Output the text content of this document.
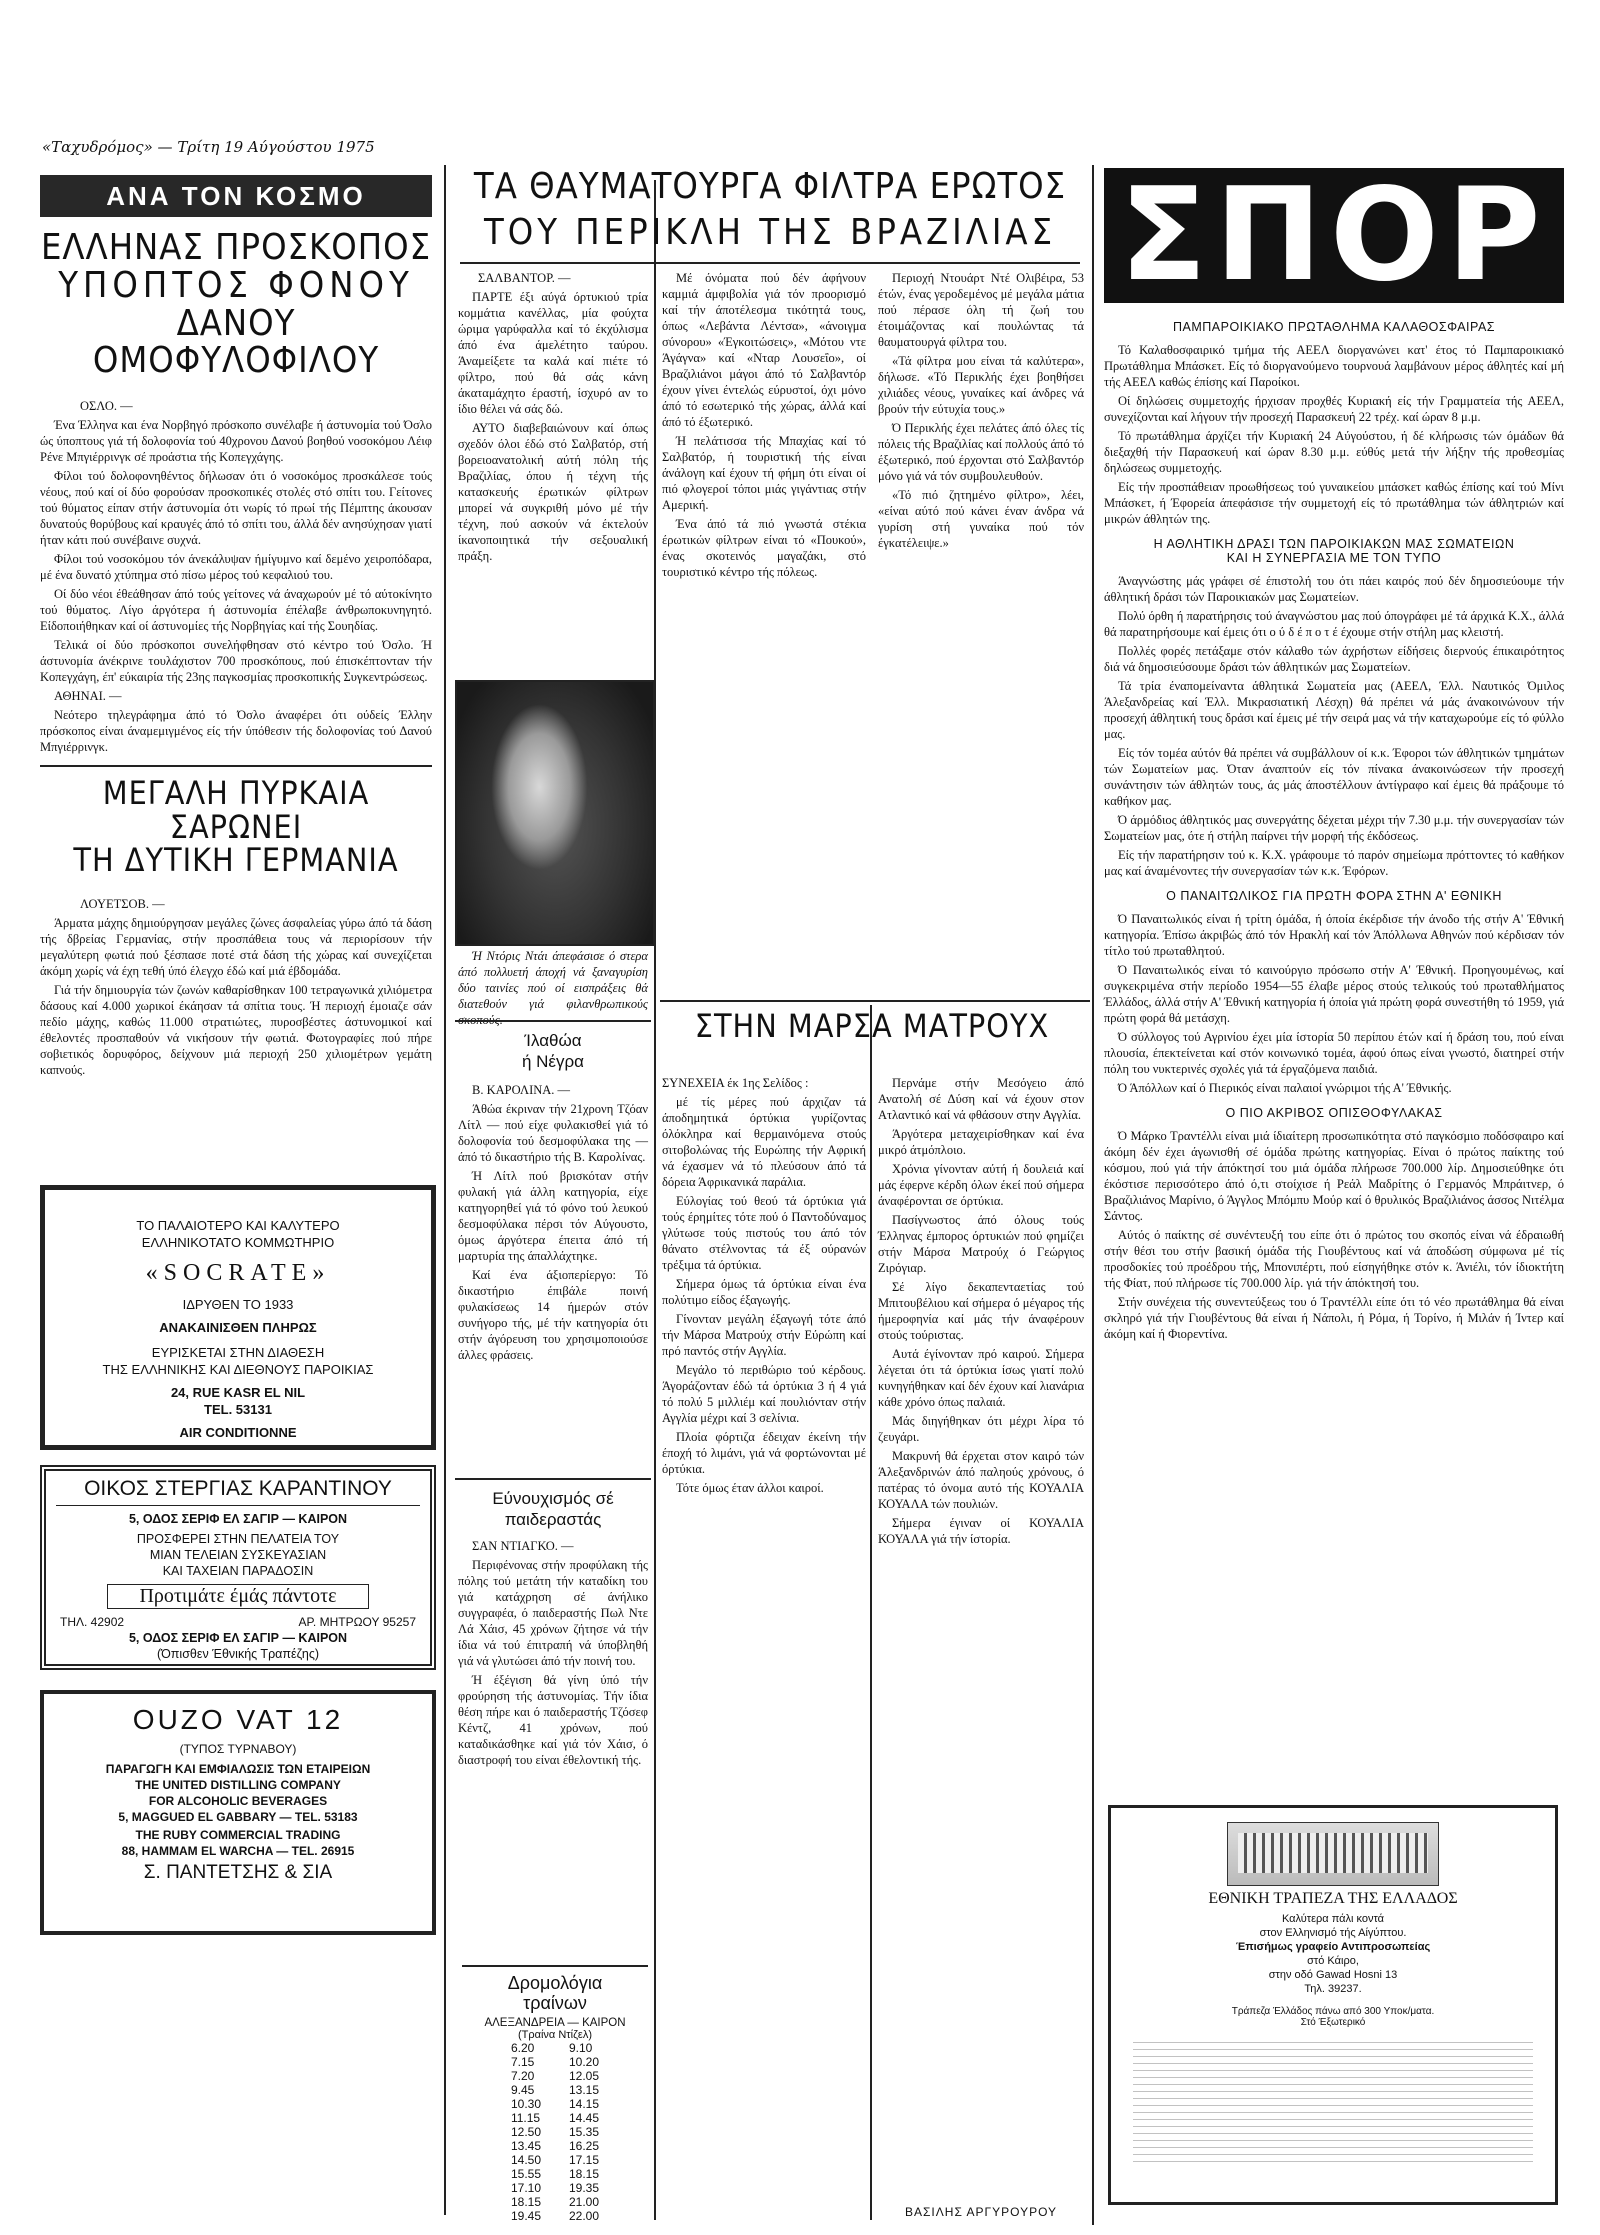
«Ταχυδρόμος» — Τρίτη 19 Αύγούστου 1975
ΑΝΑ ΤΟΝ ΚΟΣΜΟ
ΕΛΛΗΝΑΣ ΠΡΟΣΚΟΠΟΣ
ΥΠΟΠΤΟΣ ΦΟΝΟΥ
ΔΑΝΟΥ ΟΜΟΦΥΛΟΦΙΛΟΥ

ΟΣΛΟ. —

Ένα Έλληνα και ένα Νορβηγό πρόσκοπο συνέλαβε ή άστυνομία τού Όσλο ώς ύποπτους γιά τή δολοφονία τού 40χρονου Δανού βοηθού νοσοκόμου Λέιφ Ρένε Μπγιέρρινγκ σέ προάστια τής Κοπεγχάγης.

Φίλοι τού δολοφονηθέντος δήλωσαν ότι ό νοσοκόμος προσκάλεσε τούς νέους, πού καί οί δύο φορούσαν προσκοπικές στολές στό σπίτι του. Γείτονες τού θύματος είπαν στήν άστυνομία ότι νωρίς τό πρωί τής Πέμπτης άκουσαν δυνατούς θορύβους καί κραυγές άπό τό σπίτι του, άλλά δέν ανησύχησαν γιατί ήταν κάτι πού συνέβαινε συχνά.

Φίλοι τού νοσοκόμου τόν άνεκάλυψαν ήμίγυμνο καί δεμένο χειροπόδαρα, μέ ένα δυνατό χτύπημα στό πίσω μέρος τού κεφαλιού του.

Οί δύο νέοι έθεάθησαν άπό τούς γείτονες νά άναχωρούν μέ τό αύτοκίνητο τού θύματος. Λίγο άργότερα ή άστυνομία έπέλαβε άνθρωποκυνηγητό. Είδοποιήθηκαν καί οί άστυνομίες τής Νορβηγίας καί τής Σουηδίας.

Τελικά οί δύο πρόσκοποι συνελήφθησαν στό κέντρο τού Όσλο. Ή άστυνομία άνέκρινε τουλάχιστον 700 προσκόπους, πού έπισκέπτονταν τήν Κοπεγχάγη, έπ' εύκαιρία τής 23ης παγκοσμίας προσκοπικής Συγκεντρώσεως.

ΑΘΗΝΑΙ. —

Νεότερο τηλεγράφημα άπό τό Όσλο άναφέρει ότι ούδείς Έλλην πρόσκοπος είναι άναμεμιγμένος είς τήν ύπόθεσιν τής δολοφονίας τού Δανού Μπγιέρρινγκ.

ΜΕΓΑΛΗ ΠΥΡΚΑΙΑ ΣΑΡΩΝΕΙ
ΤΗ ΔΥΤΙΚΗ ΓΕΡΜΑΝΙΑ

ΛΟΥΕΤΣΟΒ. —

Άρματα μάχης δημιούργησαν μεγάλες ζώνες άσφαλείας γύρω άπό τά δάση τής δβρείας Γερμανίας, στήν προσπάθεια τους νά περιορίσουν τήν μεγαλύτερη φωτιά πού ξέσπασε ποτέ στά δάση τής χώρας καί συνεχίζεται άκόμη χωρίς νά έχη τεθή ύπό έλεγχο έδώ καί μιά έβδομάδα.

Γιά τήν δημιουργία τών ζωνών καθαρίσθηκαν 100 τετραγωνικά χιλιόμετρα δάσους καί 4.000 χωρικοί έκάησαν τά σπίτια τους. Ή περιοχή έμοιαζε σάν πεδίο μάχης, καθώς 11.000 στρατιώτες, πυροσβέστες άστυνομικοί καί έθελοντές προσπαθούν νά νικήσουν τήν φωτιά. Φωτογραφίες πού πήρε σοβιετικός δορυφόρος, δείχνουν μιά περιοχή 250 χιλιομέτρων γεμάτη καπνούς.

ΤΟ ΠΑΛΑΙΟΤΕΡΟ ΚΑΙ ΚΑΛΥΤΕΡΟ
ΕΛΛΗΝΙΚΟΤΑΤΟ ΚΟΜΜΩΤΗΡΙΟ
«SOCRATE»
ΙΔΡΥΘΕΝ ΤΟ 1933
ΑΝΑΚΑΙΝΙΣΘΕΝ ΠΛΗΡΩΣ
ΕΥΡΙΣΚΕΤΑΙ ΣΤΗΝ ΔΙΑΘΕΣΗ
ΤΗΣ ΕΛΛΗΝΙΚΗΣ ΚΑΙ ΔΙΕΘΝΟΥΣ ΠΑΡΟΙΚΙΑΣ
24, RUE KASR EL NIL
TEL. 53131
AIR CONDITIONNE
ΟΙΚΟΣ ΣΤΕΡΓΙΑΣ ΚΑΡΑΝΤΙΝΟΥ
5, ΟΔΟΣ ΣΕΡΙΦ ΕΛ ΣΑΓΙΡ — ΚΑΙΡΟΝ
ΠΡΟΣΦΕΡΕΙ ΣΤΗΝ ΠΕΛΑΤΕΙΑ ΤΟΥ
ΜΙΑΝ ΤΕΛΕΙΑΝ ΣΥΣΚΕΥΑΣΙΑΝ
ΚΑΙ ΤΑΧΕΙΑΝ ΠΑΡΑΔΟΣΙΝ
Προτιμάτε έμάς πάντοτε
ΤΗΛ. 42902	ΑΡ. ΜΗΤΡΩΟΥ 95257
5, ΟΔΟΣ ΣΕΡΙΦ ΕΛ ΣΑΓΙΡ — ΚΑΙΡΟΝ
(Όπισθεν Έθνικής Τραπέζης)
OUZO VAT 12
(ΤΥΠΟΣ ΤΥΡΝΑΒΟΥ)
ΠΑΡΑΓΩΓΗ ΚΑΙ ΕΜΦΙΑΛΩΣΙΣ ΤΩΝ ΕΤΑΙΡΕΙΩΝ
THE UNITED DISTILLING COMPANY
FOR ALCOHOLIC BEVERAGES
5, MAGGUED EL GABBARY — TEL. 53183
THE RUBY COMMERCIAL TRADING
88, HAMMAM EL WARCHA — TEL. 26915
Σ. ΠΑΝΤΕΤΣΗΣ & ΣΙΑ
ΤΑ ΘΑΥΜΑΤΟΥΡΓΑ ΦΙΛΤΡΑ ΕΡΩΤΟΣ
ΤΟΥ ΠΕΡΙΚΛΗ ΤΗΣ ΒΡΑΖΙΛΙΑΣ

ΣΑΛΒΑΝΤΟΡ. —

ΠΑΡΤΕ έξι αύγά όρτυκιού τρία κομμάτια κανέλλας, μία φούχτα ώριμα γαρύφαλλα καί τό έκχύλισμα άπό ένα άμελέτητο ταύρου. Άναμείξετε τα καλά καί πιέτε τό φίλτρο, πού θά σάς κάνη άκαταμάχητο έραστή, ίσχυρό αν το ίδιο θέλει νά σάς δώ.

ΑΥΤΟ διαβεβαιώνουν καί όπως σχεδόν όλοι έδώ στό Σαλβατόρ, στή βορειοανατολική αύτή πόλη τής Βραζιλίας, όπου ή τέχνη τής κατασκευής έρωτικών φίλτρων μπορεί νά συγκριθή μόνο μέ τήν τέχνη, πού ασκούν νά έκτελούν ίκανοποιητικά τήν σεξουαλική πράξη.

Ή Ντόρις Ντάι άπεφάσισε ό στερα άπό πολλυετή άποχή νά ξαναγυρίση δύο ταινίες πού οί εισπράξεις θά διατεθούν γιά φιλανθρωπικούς

Ίλαθώα
ή Νέγρα

Β. ΚΑΡΟΛΙΝΑ. —

Άθώα έκριναν τήν 21χρονη Τζόαν Λίτλ — πού είχε φυλακισθεί γιά τό δολοφονία τού δεσμοφύλακα της — άπό τό δικαστήριο τής Β. Καρολίνας.

Ή Λίτλ πού βρισκόταν στήν φυλακή γιά άλλη κατηγορία, είχε κατηγορηθεί γιά τό φόνο τού λευκού δεσμοφύλακα πέρσι τόν Αύγουστο, όμως άργότερα έπειτα άπό τή μαρτυρία της άπαλλάχτηκε.

Καί ένα άξιοπερίεργο: Τό δικαστήριο έπιβάλε ποινή φυλακίσεως 14 ήμερών στόν συνήγορο τής, μέ τήν κατηγορία ότι στήν άγόρευση του χρησιμοποιούσε άλλες φράσεις.

Εύνουχισμός σέ
παιδεραστάς

ΣΑΝ ΝΤΙΑΓΚΟ. —

Περιφένονας στήν προφύλακη τής πόλης τού μετάτη τήν καταδίκη του γιά κατάχρηση σέ άνήλικο συγγραφέα, ό παιδεραστής Πωλ Ντε Λά Χάισ, 45 χρόνων ζήτησε νά τήν ίδια νά τού έπιτραπή νά ύποβληθή γιά νά γλυτώσει άπό τήν ποινή του.

Ή έξέγιση θά γίνη ύπό τήν φρούρηση τής άστυνομίας. Τήν ίδια θέση πήρε και ό παιδεραστής Τζόσεφ Κέντζ, 41 χρόνων, πού καταδικάσθηκε καί γιά τόν Χάισ, ό διαστροφή του είναι έθελοντική τής.

Δρομολόγια
τραίνων
ΑΛΕΞΑΝΔΡΕΙΑ — ΚΑΙΡΟΝ
(Τραίνα Ντίζελ)
6.20	9.10
7.15	10.20
7.20	12.05
9.45	13.15
10.30	14.15
11.15	14.45
12.50	15.35
13.45	16.25
14.50	17.15
15.55	18.15
17.10	19.35
18.15	21.00
19.45	22.00

Μέ όνόματα πού δέν άφήνουν καμμιά άμφιβολία γιά τόν προορισμό καί τήν άποτέλεσμα τικότητά τους, όπως «Λεβάντα Λέντσα», «άνοιγμα σύνορου» «Έγκοιτώσεις», «Μότου ντε Άγάγνα» καί «Νταρ Λουσεΐο», οί Βραζιλιάνοι μάγοι άπό τό Σαλβαντόρ έχουν γίνει έντελώς εύρυστοί, όχι μόνο άπό τό εσωτερικό τής χώρας, άλλά καί άπό τό έξωτερικό.

Ή πελάτισσα τής Μπαχίας καί τό Σαλβατόρ, ή τουριστική τής είναι άνάλογη καί έχουν τή φήμη ότι είναι οί πιό φλογεροί τόποι μιάς γιγάντιας στήν Αμερική.

Ένα άπό τά πιό γνωστά στέκια έρωτικών φίλτρων είναι τό «Πουκού», ένας σκοτεινός μαγαζάκι, στό τουριστικό κέντρο τής πόλεως.

Περιοχή Ντουάρτ Ντέ Ολιβέιρα, 53 έτών, ένας γεροδεμένος μέ μεγάλα μάτια πού πέρασε όλη τή ζωή του έτοιμάζοντας καί πουλώντας τά θαυματουργά φίλτρα του.

«Τά φίλτρα μου είναι τά καλύτερα», δήλωσε. «Τό Περικλής έχει βοηθήσει χιλιάδες νέους, γυναίκες καί άνδρες νά βρούν τήν εύτυχία τους.»

Ό Περικλής έχει πελάτες άπό όλες τίς πόλεις τής Βραζιλίας καί πολλούς άπό τό έξωτερικό, πού έρχονται στό Σαλβαντόρ μόνο γιά νά τόν συμβουλευθούν.

«Τό πιό ζητημένο φίλτρο», λέει, «είναι αύτό πού κάνει έναν άνδρα νά γυρίση στή γυναίκα πού τόν έγκατέλειψε.»

ΣΤΗΝ ΜΑΡΣΑ ΜΑΤΡΟΥΧ

ΣΥΝΕΧΕΙΑ έκ 1ης Σελίδος :

μέ τίς μέρες πού άρχιζαν τά άποδημητικά όρτύκια γυρίζοντας όλόκληρα καί θερμαινόμενα στούς σιτοβολώνας τής Ευρώπης τήν Αφρική νά έχασμεν νά τό πλεύσουν άπό τά δόρεια Άφρικανικά παράλια.

Εύλογίας τού θεού τά όρτύκια γιά τούς έρημίτες τότε πού ό Παντοδύναμος γλύτωσε τούς πιστούς του άπό τόν θάνατο στέλνοντας τά έξ ούρανών τρέξιμα τά όρτύκια.

Σήμερα όμως τά όρτύκια είναι ένα πολύτιμο είδος έξαγωγής.

Γίνονταν μεγάλη έξαγωγή τότε άπό τήν Μάρσα Ματρούχ στήν Εύρώπη καί πρό παντός στήν Αγγλία.

Μεγάλο τό περιθώριο τού κέρδους. Άγοράζονταν έδώ τά όρτύκια 3 ή 4 γιά τό πολύ 5 μιλλιέμ καί πουλιόνταν στήν Αγγλία μέχρι καί 3 σελίνια.

Πλοία φόρτιζα έδειχαν έκείνη τήν έποχή τό λιμάνι, γιά νά φορτώνονται μέ όρτύκια.

Τότε όμως έταν άλλοι καιροί.

Περνάμε στήν Μεσόγειο άπό Ανατολή σέ Δύση καί νά έχουν στον Ατλαντικό καί νά φθάσουν στην Αγγλία.

Άργότερα μεταχειρίσθηκαν καί ένα μικρό άτμόπλοιο.

Χρόνια γίνονταν αύτή ή δουλειά καί μάς έφερνε κέρδη όλων έκεί πού σήμερα άναφέρονται σε όρτύκια.

Πασίγνωστος άπό όλους τούς Έλληνας έμπορος όρτυκιών πού φημίζει στήν Μάρσα Ματρούχ ό Γεώργιος Ζιρόγιαρ.

Σέ λίγο δεκαπενταετίας τού Μπιτουβέλιου καί σήμερα ό μέγαρος τής ήμεροφηνία καί μάς τήν άναφέρουν στούς τούριστας.

Αυτά έγίνονταν πρό καιρού. Σήμερα λέγεται ότι τά όρτύκια ίσως γιατί πολύ κυνηγήθηκαν καί δέν έχουν καί λιανάρια κάθε χρόνο όπως παλαιά.

Μάς διηγήθηκαν ότι μέχρι λίρα τό ζευγάρι.

Μακρυνή θά έρχεται στον καιρό τών Άλεξανδρινών άπό παληούς χρόνους, ό πατέρας τό όνομα αυτό τής ΚΟΥΑΛΙΑ ΚΟΥΑΛΑ τών πουλιών.

Σήμερα έγιναν οί ΚΟΥΑΛΙΑ ΚΟΥΑΛΑ γιά τήν ίστορία.

ΒΑΣΙΛΗΣ ΑΡΓΥΡΟΥΡΟΥ
ΣΠΟΡ
ΠΑΜΠΑΡΟΙΚΙΑΚΟ ΠΡΩΤΑΘΛΗΜΑ ΚΑΛΑΘΟΣΦΑΙΡΑΣ

Τό Καλαθοσφαιρικό τμήμα τής ΑΕΕΛ διοργανώνει κατ' έτος τό Παμπαροικιακό Πρωτάθλημα Μπάσκετ. Είς τό διοργανούμενο τουρνουά λαμβάνουν μέρος άθλητές καί μή τής ΑΕΕΛ καθώς έπίσης καί Παροίκοι.

Οί δηλώσεις συμμετοχής ήρχισαν προχθές Κυριακή είς τήν Γραμματεία τής ΑΕΕΛ, συνεχίζονται καί λήγουν τήν προσεχή Παρασκευή 22 τρέχ. καί ώραν 8 μ.μ.

Τό πρωτάθλημα άρχίζει τήν Κυριακή 24 Αύγούστου, ή δέ κλήρωσις τών όμάδων θά διεξαχθή τήν Παρασκευή καί ώραν 8.30 μ.μ. εύθύς μετά τήν λήξην τής προθεσμίας δηλώσεως συμμετοχής.

Είς τήν προσπάθειαν προωθήσεως τού γυναικείου μπάσκετ καθώς έπίσης καί τού Μίνι Μπάσκετ, ή Έφορεία άπεφάσισε τήν συμμετοχή είς τό πρωτάθλημα τών άθλητριών καί μικρών άθλητών της.

Η ΑΘΛΗΤΙΚΗ ΔΡΑΣΙ ΤΩΝ ΠΑΡΟΙΚΙΑΚΩΝ ΜΑΣ ΣΩΜΑΤΕΙΩΝ
ΚΑΙ Η ΣΥΝΕΡΓΑΣΙΑ ΜΕ ΤΟΝ ΤΥΠΟ

Άναγνώστης μάς γράφει σέ έπιστολή του ότι πάει καιρός πού δέν δημοσιεύουμε τήν άθλητική δράσι τών Παροικιακών μας Σωματείων.

Πολύ όρθη ή παρατήρησις τού άναγνώστου μας πού όπογράφει μέ τά άρχικά Κ.Χ., άλλά θά παρατηρήσουμε καί έμεις ότι ο ύ δ έ π ο τ έ έχουμε στήν στήλη μας κλειστή.

Πολλές φορές πετάξαμε στόν κάλαθο τών άχρήστων είδήσεις διερνούς έπικαιρότητος διά νά δημοσιεύσουμε δράσι τών άθλητικών μας Σωματείων.

Τά τρία έναπομείναντα άθλητικά Σωματεία μας (ΑΕΕΛ, Έλλ. Ναυτικός Όμιλος Άλεξανδρείας καί Έλλ. Μικρασιατική Λέσχη) θά πρέπει νά μάς άνακοινώνουν τήν προσεχή άθλητική τους δράσι καί έμεις μέ τήν σειρά μας νά τήν καταχωρούμε είς τό φύλλο μας.

Είς τόν τομέα αύτόν θά πρέπει νά συμβάλλουν οί κ.κ. Έφοροι τών άθλητικών τμημάτων τών Σωματείων μας. Όταν άναπτούν είς τόν πίνακα άνακοινώσεων τήν προσεχή συνάντησιν τών άθλητών τους, άς μάς άποστέλλουν άντίγραφο καί έμεις θά πράξουμε τό καθήκον μας.

Ό άρμόδιος άθλητικός μας συνεργάτης δέχεται μέχρι τήν 7.30 μ.μ. τήν συνεργασίαν τών Σωματείων μας, ότε ή στήλη παίρνει τήν μορφή τής έκδόσεως.

Είς τήν παρατήρησιν τού κ. Κ.Χ. γράφουμε τό παρόν σημείωμα πρόττοντες τό καθήκον μας καί άναμένοντες τήν συνεργασίαν τών κ.κ. Έφόρων.

Ο ΠΑΝΑΙΤΩΛΙΚΟΣ ΓΙΑ ΠΡΩΤΗ ΦΟΡΑ ΣΤΗΝ Α' ΕΘΝΙΚΗ

Ό Παναιτωλικός είναι ή τρίτη όμάδα, ή όποία έκέρδισε τήν άνοδο τής στήν Α' Έθνική κατηγορία. Έπίσω άκριβώς άπό τόν Ηρακλή καί τόν Άπόλλωνα Αθηνών πού κέρδισαν τόν τίτλο τού πρωταθλητού.

Ό Παναιτωλικός είναι τό καινούργιο πρόσωπο στήν Α' Έθνική. Προηγουμένως, καί συγκεκριμένα στήν περίοδο 1954—55 έλαβε μέρος στούς τελικούς τού πρωταθλήματος Έλλάδος, άλλά στήν Α' Έθνική κατηγορία ή όποία γιά πρώτη φορά συνεστήθη τό 1959, γιά πρώτη φορά θά μετάσχη.

Ό σύλλογος τού Αγρινίου έχει μία ίστορία 50 περίπου έτών καί ή δράση του, πού είναι πλουσία, έπεκτείνεται καί στόν κοινωνικό τομέα, άφού όπως είναι γνωστό, διατηρεί στήν πόλη του νυκτερινές σχολές γιά τά έργαζόμενα παιδιά.

Ό Άπόλλων καί ό Πιερικός είναι παλαιοί γνώριμοι τής Α' Έθνικής.

Ο ΠΙΟ ΑΚΡΙΒΟΣ ΟΠΙΣΘΟΦΥΛΑΚΑΣ

Ό Μάρκο Τραντέλλι είναι μιά ίδιαίτερη προσωπικότητα στό παγκόσμιο ποδόσφαιρο καί άκόμη δέν έχει άγωνισθή σέ όμάδα πρώτης κατηγορίας. Είναι ό πρώτος παίκτης τού κόσμου, πού γιά τήν άπόκτησί του μιά όμάδα πλήρωσε 700.000 λίρ. Δημοσιεύθηκε ότι έκόστισε περισσότερο άπό ό,τι στοίχισε ή Ρεάλ Μαδρίτης ό Γερμανός Μπράιτνερ, ό Βραζιλιάνος Μαρίνιο, ό Άγγλος Μπόμπυ Μούρ καί ό θρυλικός Βραζιλιάνος άσσος Νιτέλμα Σάντος.

Αύτός ό παίκτης σέ συνέντευξή του είπε ότι ό πρώτος του σκοπός είναι νά έδραιωθή στήν θέσι του στήν βασική όμάδα τής Γιουβέντους καί νά άποδώση σύμφωνα μέ τίς προσδοκίες τού προέδρου τής, Μπονιπέρτι, πού είσηγήθηκε στόν κ. Άνιέλι, τόν ίδιοκτήτη τής Φίατ, πού πλήρωσε τίς 700.000 λίρ. γιά τήν άπόκτησή του.

Στήν συνέχεια τής συνεντεύξεως του ό Τραντέλλι είπε ότι τό νέο πρωτάθλημα θά είναι σκληρό γιά τήν Γιουβέντους θά είναι ή Νάπολι, ή Ρόμα, ή Τορίνο, ή Μιλάν ή Ίντερ καί άκόμη καί ή Φιορεντίνα.

ΕΘΝΙΚΗ ΤΡΑΠΕΖΑ ΤΗΣ ΕΛΛΑΔΟΣ
Καλύτερα πάλι κοντά
στον Ελληνισμό τής Αίγύπτου.
Έπισήμως γραφείο Αντιπροσωπείας
στό Κάιρο,
στην οδό Gawad Hosni 13
Τηλ. 39237.
Τράπεζα Έλλάδος πάνω από 300 Υποκ/ματα.
Στό Έξωτερικό
